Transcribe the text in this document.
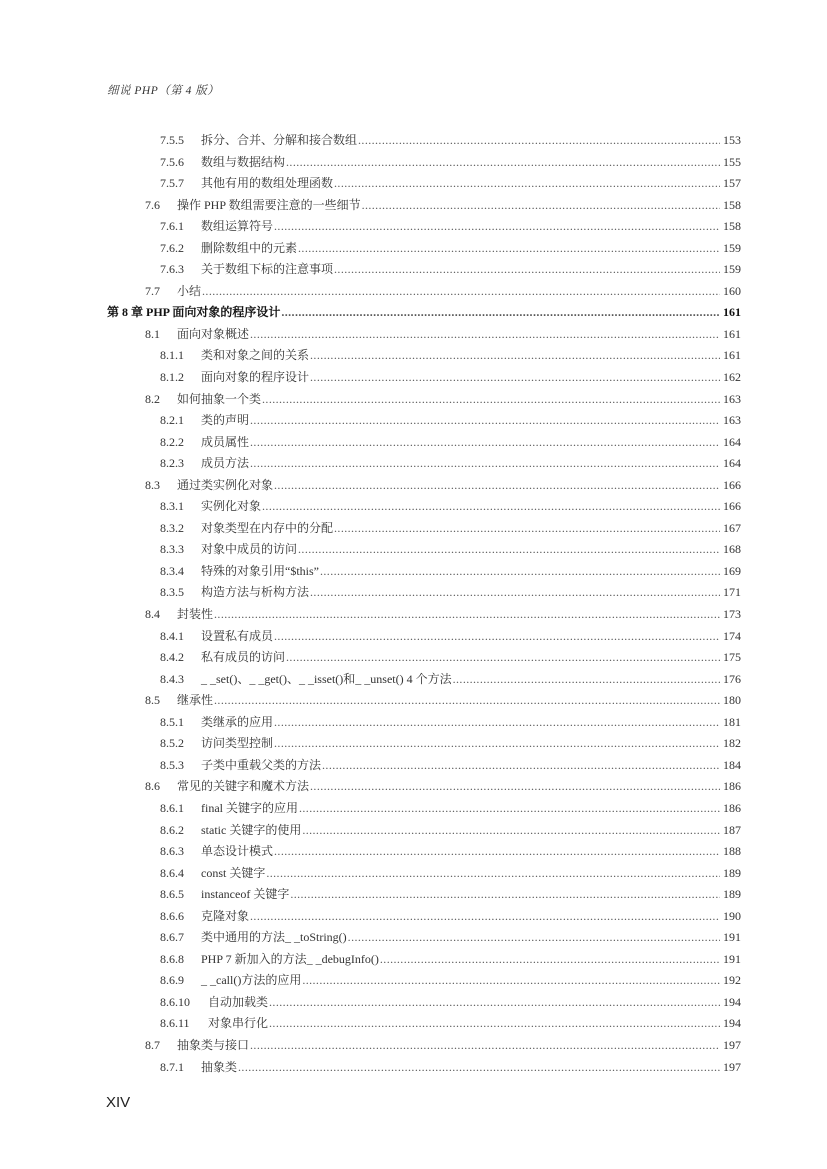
细说 PHP（第 4 版）
7.5.5	拆分、合并、分解和接合数组 .....	153
7.5.6	数组与数据结构 .....	155
7.5.7	其他有用的数组处理函数 .....	157
7.6	操作 PHP 数组需要注意的一些细节 .....	158
7.6.1	数组运算符号 .....	158
7.6.2	删除数组中的元素 .....	159
7.6.3	关于数组下标的注意事项 .....	159
7.7	小结 .....	160
第 8 章 PHP 面向对象的程序设计 .....	161
8.1	面向对象概述 .....	161
8.1.1	类和对象之间的关系 .....	161
8.1.2	面向对象的程序设计 .....	162
8.2	如何抽象一个类 .....	163
8.2.1	类的声明 .....	163
8.2.2	成员属性 .....	164
8.2.3	成员方法 .....	164
8.3	通过类实例化对象 .....	166
8.3.1	实例化对象 .....	166
8.3.2	对象类型在内存中的分配 .....	167
8.3.3	对象中成员的访问 .....	168
8.3.4	特殊的对象引用“$this” .....	169
8.3.5	构造方法与析构方法 .....	171
8.4	封装性 .....	173
8.4.1	设置私有成员 .....	174
8.4.2	私有成员的访问 .....	175
8.4.3	_ _set()、_ _get()、_ _isset()和_ _unset() 4 个方法 .....	176
8.5	继承性 .....	180
8.5.1	类继承的应用 .....	181
8.5.2	访问类型控制 .....	182
8.5.3	子类中重载父类的方法 .....	184
8.6	常见的关键字和魔术方法 .....	186
8.6.1	final 关键字的应用 .....	186
8.6.2	static 关键字的使用 .....	187
8.6.3	单态设计模式 .....	188
8.6.4	const 关键字 .....	189
8.6.5	instanceof 关键字 .....	189
8.6.6	克隆对象 .....	190
8.6.7	类中通用的方法_ _toString() .....	191
8.6.8	PHP 7 新加入的方法_ _debugInfo() .....	191
8.6.9	_ _call()方法的应用 .....	192
8.6.10	自动加载类 .....	194
8.6.11	对象串行化 .....	194
8.7	抽象类与接口 .....	197
8.7.1	抽象类 .....	197
XIV
